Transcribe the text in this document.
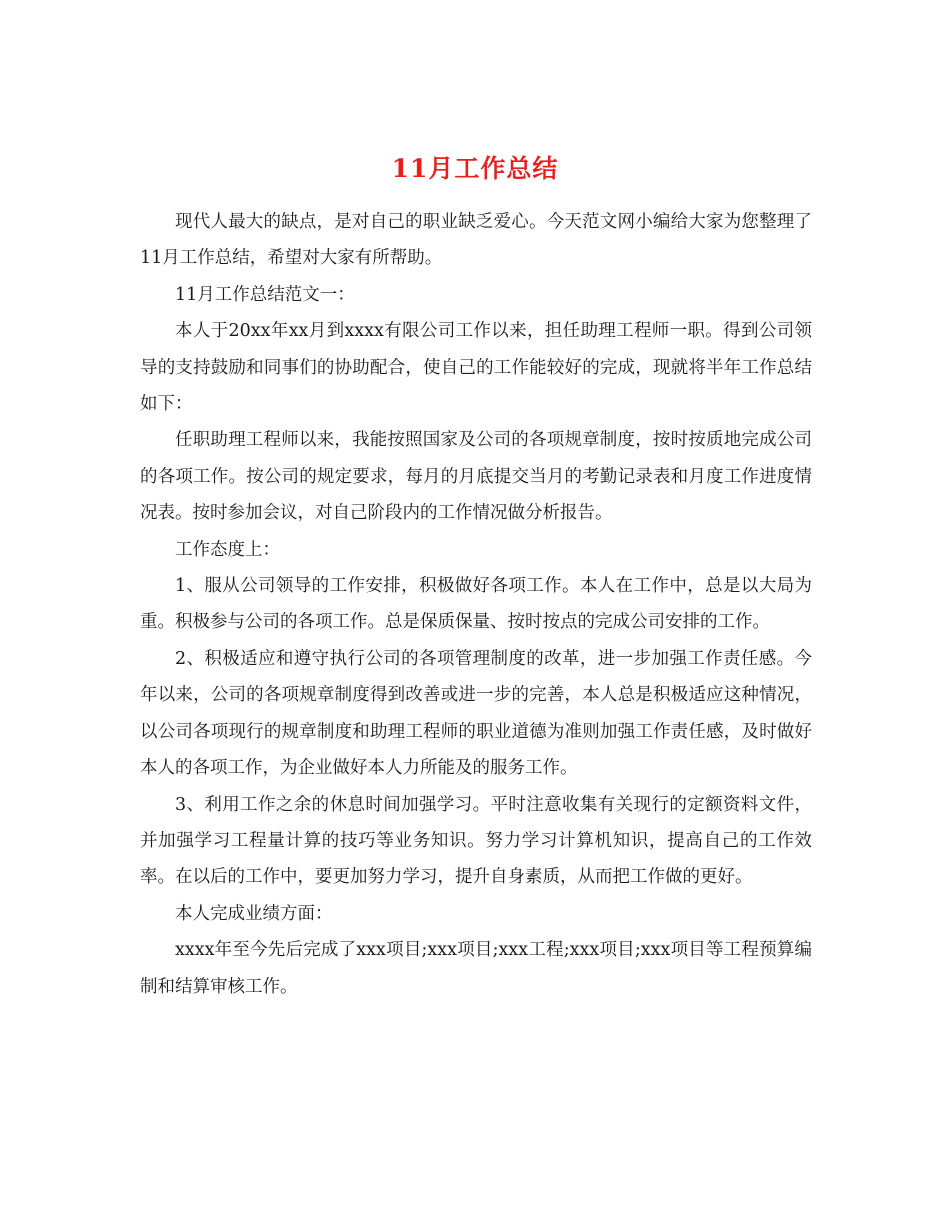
11月工作总结

现代人最大的缺点，是对自己的职业缺乏爱心。今天范文网小编给大家为您整理了11月工作总结，希望对大家有所帮助。

11月工作总结范文一：

本人于20xx年xx月到xxxx有限公司工作以来，担任助理工程师一职。得到公司领导的支持鼓励和同事们的协助配合，使自己的工作能较好的完成，现就将半年工作总结如下：

任职助理工程师以来，我能按照国家及公司的各项规章制度，按时按质地完成公司的各项工作。按公司的规定要求，每月的月底提交当月的考勤记录表和月度工作进度情况表。按时参加会议，对自己阶段内的工作情况做分析报告。

工作态度上：

1、服从公司领导的工作安排，积极做好各项工作。本人在工作中，总是以大局为重。积极参与公司的各项工作。总是保质保量、按时按点的完成公司安排的工作。

2、积极适应和遵守执行公司的各项管理制度的改革，进一步加强工作责任感。今年以来，公司的各项规章制度得到改善或进一步的完善，本人总是积极适应这种情况，以公司各项现行的规章制度和助理工程师的职业道德为准则加强工作责任感，及时做好本人的各项工作，为企业做好本人力所能及的服务工作。

3、利用工作之余的休息时间加强学习。平时注意收集有关现行的定额资料文件，并加强学习工程量计算的技巧等业务知识。努力学习计算机知识，提高自己的工作效率。在以后的工作中，要更加努力学习，提升自身素质，从而把工作做的更好。

本人完成业绩方面：

xxxx年至今先后完成了xxx项目;xxx项目;xxx工程;xxx项目;xxx项目等工程预算编制和结算审核工作。
